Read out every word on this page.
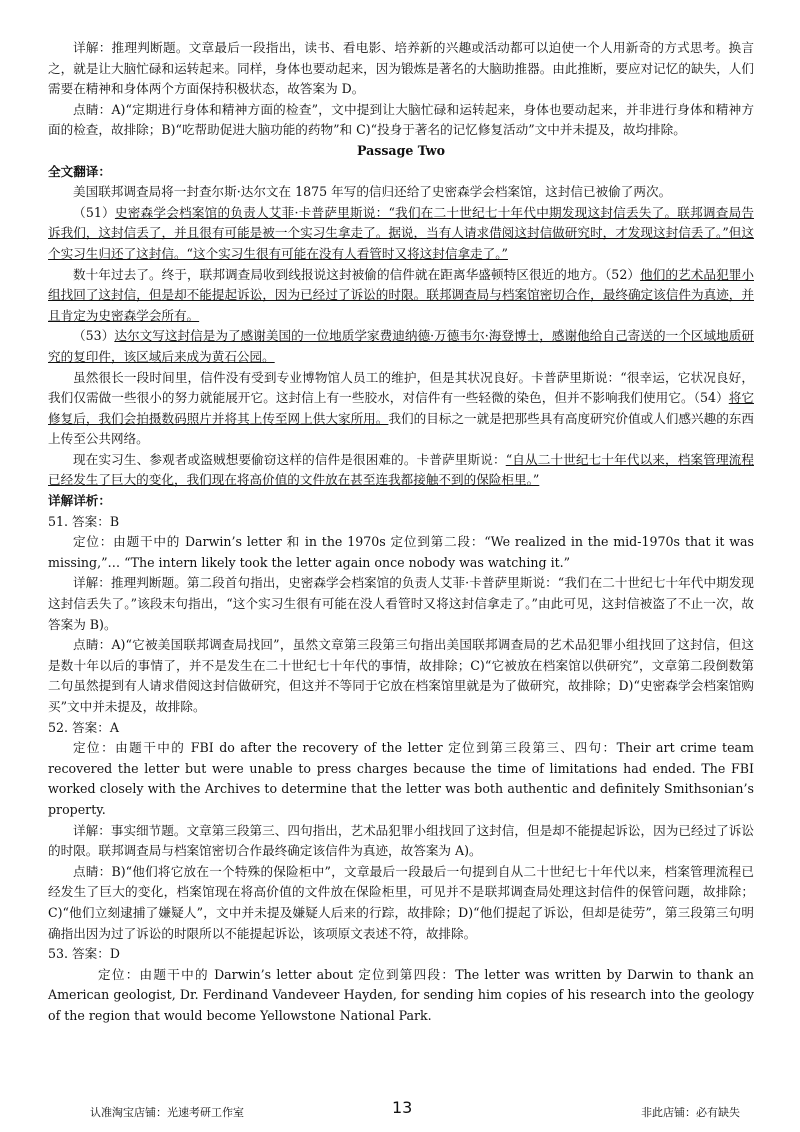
详解：推理判断题。文章最后一段指出，读书、看电影、培养新的兴趣或活动都可以迫使一个人用新奇的方式思考。换言之，就是让大脑忙碌和运转起来。同样，身体也要动起来，因为锻炼是著名的大脑助推器。由此推断，要应对记忆的缺失，人们需要在精神和身体两个方面保持积极状态，故答案为 D。

点睛：A)“定期进行身体和精神方面的检查”，文中提到让大脑忙碌和运转起来，身体也要动起来，并非进行身体和精神方面的检查，故排除；B)“吃帮助促进大脑功能的药物”和 C)“投身于著名的记忆修复活动”文中并未提及，故均排除。

Passage Two

全文翻译：

美国联邦调查局将一封查尔斯·达尔文在 1875 年写的信归还给了史密森学会档案馆，这封信已被偷了两次。

（51）史密森学会档案馆的负责人艾菲·卡普萨里斯说：“我们在二十世纪七十年代中期发现这封信丢失了。联邦调查局告诉我们，这封信丢了，并且很有可能是被一个实习生拿走了。据说，当有人请求借阅这封信做研究时，才发现这封信丢了。”但这个实习生归还了这封信。“这个实习生很有可能在没有人看管时又将这封信拿走了。”

数十年过去了。终于，联邦调查局收到线报说这封被偷的信件就在距离华盛顿特区很近的地方。（52）他们的艺术品犯罪小组找回了这封信，但是却不能提起诉讼，因为已经过了诉讼的时限。联邦调查局与档案馆密切合作，最终确定该信件为真迹，并且肯定为史密森学会所有。

（53）达尔文写这封信是为了感谢美国的一位地质学家费迪纳德·万德韦尔·海登博士，感谢他给自己寄送的一个区域地质研究的复印件，该区域后来成为黄石公园。

虽然很长一段时间里，信件没有受到专业博物馆人员工的维护，但是其状况良好。卡普萨里斯说：“很幸运，它状况良好，我们仅需做一些很小的努力就能展开它。这封信上有一些胶水，对信件有一些轻微的染色，但并不影响我们使用它。（54）将它修复后，我们会拍摄数码照片并将其上传至网上供大家所用。我们的目标之一就是把那些具有高度研究价值或人们感兴趣的东西上传至公共网络。

现在实习生、参观者或盗贼想要偷窃这样的信件是很困难的。卡普萨里斯说：“自从二十世纪七十年代以来，档案管理流程已经发生了巨大的变化，我们现在将高价值的文件放在甚至连我都接触不到的保险柜里。”

详解详析：

51. 答案：B

定位：由题干中的 Darwin’s letter 和 in the 1970s 定位到第二段：“We realized in the mid-1970s that it was missing,”… “The intern likely took the letter again once nobody was watching it.”

详解：推理判断题。第二段首句指出，史密森学会档案馆的负责人艾菲·卡普萨里斯说：“我们在二十世纪七十年代中期发现这封信丢失了。”该段末句指出，“这个实习生很有可能在没人看管时又将这封信拿走了。”由此可见，这封信被盗了不止一次，故答案为 B)。

点睛：A)“它被美国联邦调查局找回”，虽然文章第三段第三句指出美国联邦调查局的艺术品犯罪小组找回了这封信，但这是数十年以后的事情了，并不是发生在二十世纪七十年代的事情，故排除；C)“它被放在档案馆以供研究”，文章第二段倒数第二句虽然提到有人请求借阅这封信做研究，但这并不等同于它放在档案馆里就是为了做研究，故排除；D)“史密森学会档案馆购买”文中并未提及，故排除。

52. 答案：A

定位：由题干中的 FBI do after the recovery of the letter 定位到第三段第三、四句：Their art crime team recovered the letter but were unable to press charges because the time of limitations had ended. The FBI worked closely with the Archives to determine that the letter was both authentic and definitely Smithsonian’s property.

详解：事实细节题。文章第三段第三、四句指出，艺术品犯罪小组找回了这封信，但是却不能提起诉讼，因为已经过了诉讼的时限。联邦调查局与档案馆密切合作最终确定该信件为真迹，故答案为 A)。

点睛：B)“他们将它放在一个特殊的保险柜中”，文章最后一段最后一句提到自从二十世纪七十年代以来，档案管理流程已经发生了巨大的变化，档案馆现在将高价值的文件放在保险柜里，可见并不是联邦调查局处理这封信件的保管问题，故排除；C)“他们立刻逮捕了嫌疑人”，文中并未提及嫌疑人后来的行踪，故排除；D)“他们提起了诉讼，但却是徒劳”，第三段第三句明确指出因为过了诉讼的时限所以不能提起诉讼，该项原文表述不符，故排除。

53. 答案：D

定位：由题干中的 Darwin’s letter about 定位到第四段：The letter was written by Darwin to thank an American geologist, Dr. Ferdinand Vandeveer Hayden, for sending him copies of his research into the geology of the region that would become Yellowstone National Park.

认准淘宝店铺：光速考研工作室	13	非此店铺：必有缺失
